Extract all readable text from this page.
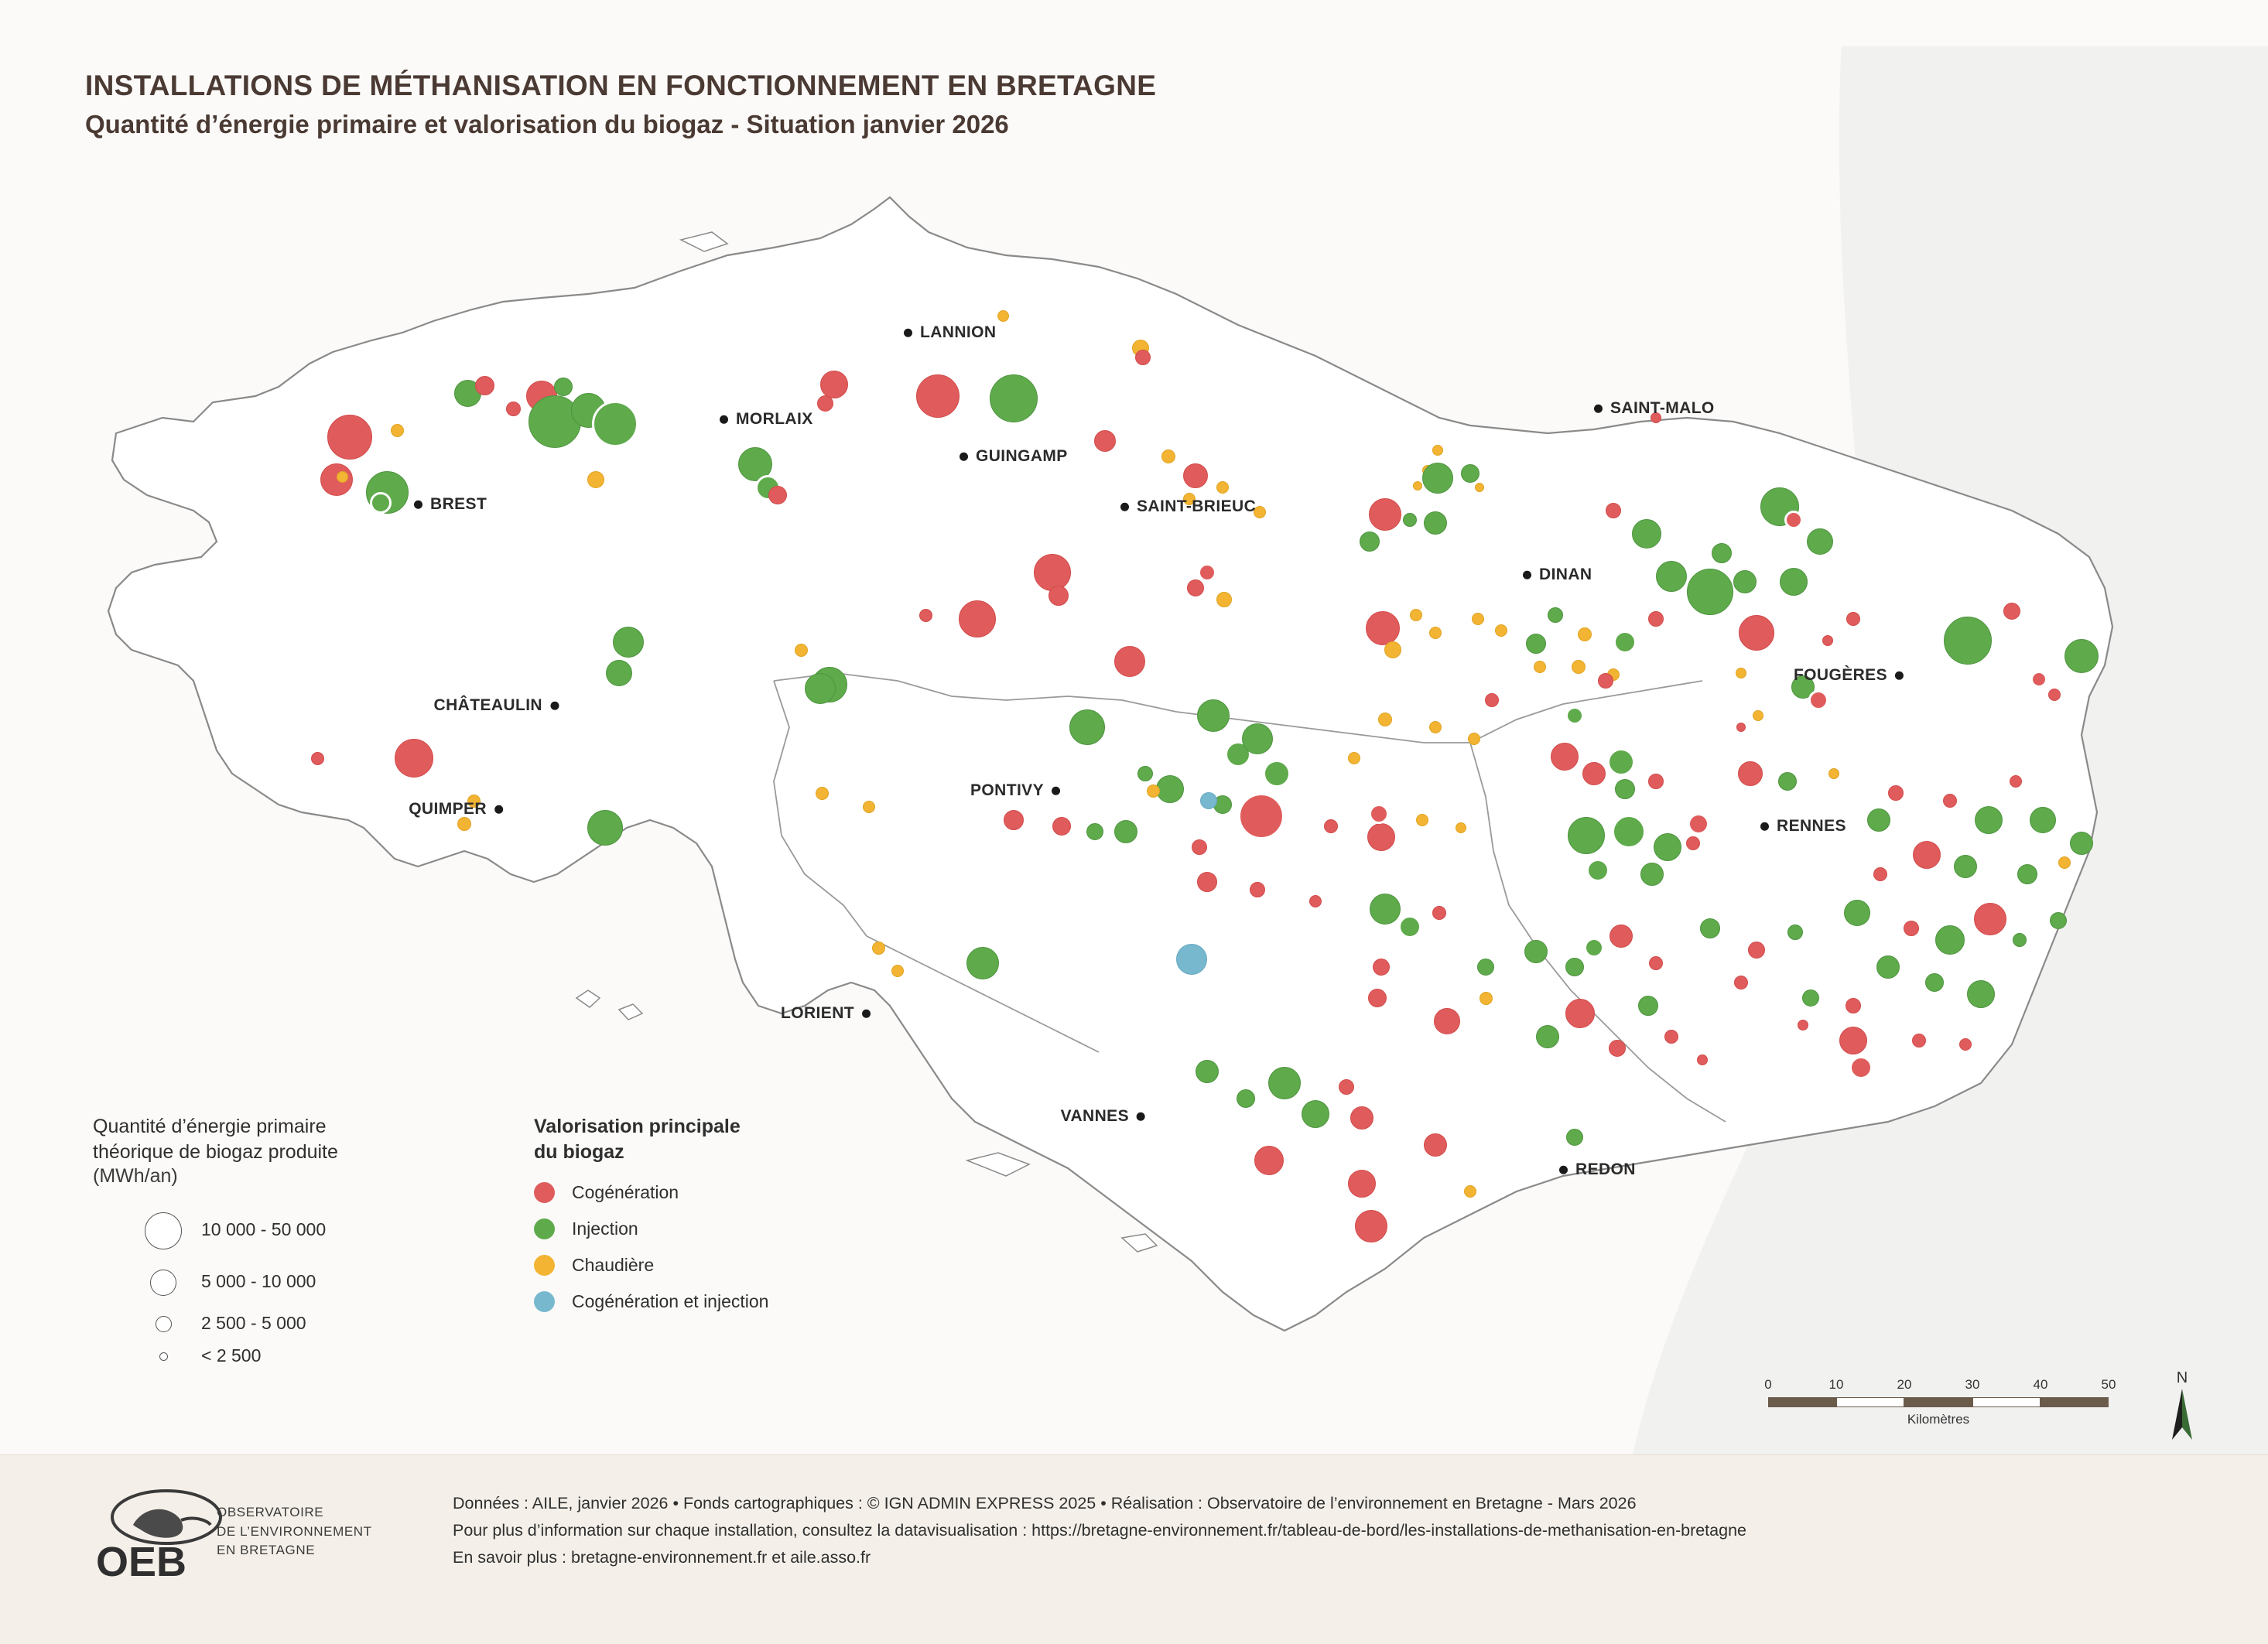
LANNION
MORLAIX
GUINGAMP
SAINT-BRIEUC
SAINT-MALO
DINAN
BREST
CHÂTEAULIN
QUIMPER
FOUGÈRES
PONTIVY
RENNES
LORIENT
VANNES
REDON
INSTALLATIONS DE MÉTHANISATION EN FONCTIONNEMENT EN BRETAGNE
Quantité d’énergie primaire et valorisation du biogaz - Situation janvier 2026
Quantité d’énergie primaire
théorique de biogaz produite
(MWh/an)
10 000 - 50 000
5 000 - 10 000
2 500 - 5 000
< 2 500
Valorisation principale
du biogaz
Cogénération
Injection
Chaudière
Cogénération et injection
0	10	20	30	40	50
Kilomètres
N
OEB
OBSERVATOIRE
DE L’ENVIRONNEMENT
EN BRETAGNE
Données : AILE, janvier 2026 • Fonds cartographiques : © IGN ADMIN EXPRESS 2025 • Réalisation : Observatoire de l’environnement en Bretagne - Mars 2026
Pour plus d’information sur chaque installation, consultez la datavisualisation : https://bretagne-environnement.fr/tableau-de-bord/les-installations-de-methanisation-en-bretagne
En savoir plus : bretagne-environnement.fr et aile.asso.fr
